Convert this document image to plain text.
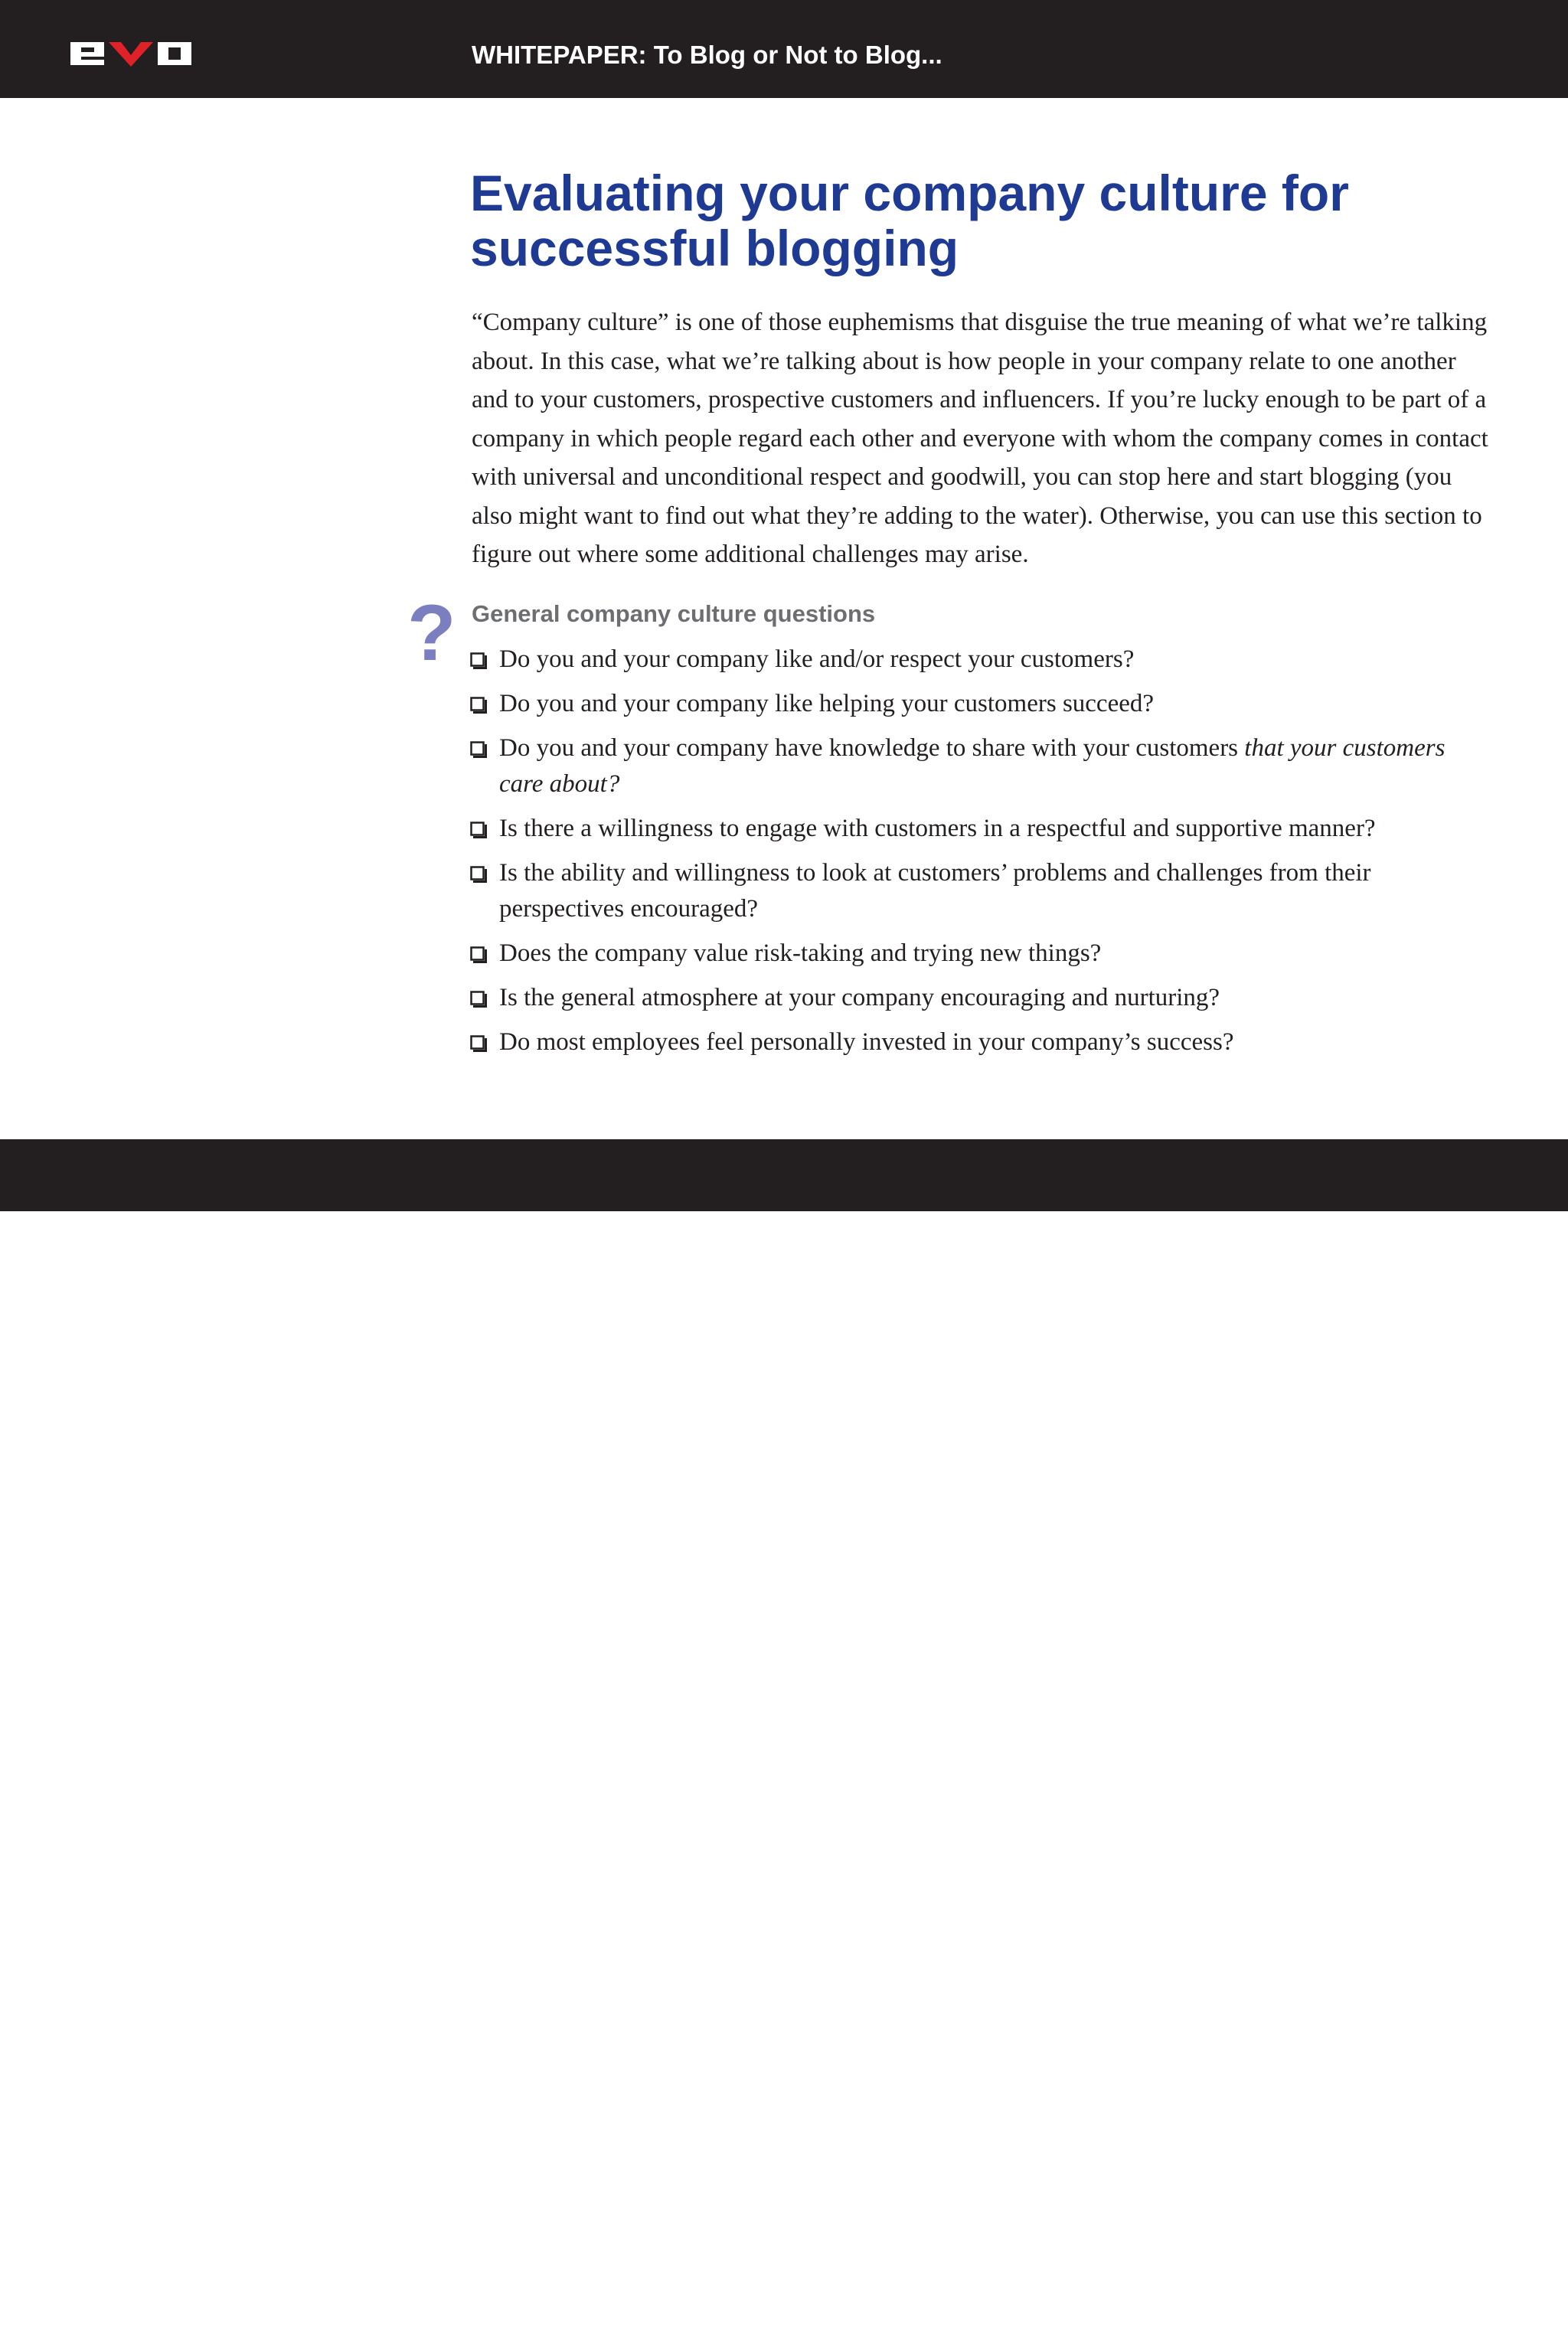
WHITEPAPER: To Blog or Not to Blog...
Evaluating your company culture for successful blogging

“Company culture” is one of those euphemisms that disguise the true meaning of what we’re talking about. In this case, what we’re talking about is how people in your company relate to one another and to your customers, prospective customers and influencers. If you’re lucky enough to be part of a company in which people regard each other and everyone with whom the company comes in contact with universal and unconditional respect and goodwill, you can stop here and start blogging (you also might want to find out what they’re adding to the water). Otherwise, you can use this section to figure out where some additional challenges may arise.

? General company culture questions
Do you and your company like and/or respect your customers?
Do you and your company like helping your customers succeed?
Do you and your company have knowledge to share with your customers that your customers care about?
Is there a willingness to engage with customers in a respectful and supportive manner?
Is the ability and willingness to look at customers’ problems and challenges from their perspectives encouraged?
Does the company value risk-taking and trying new things?
Is the general atmosphere at your company encouraging and nurturing?
Do most employees feel personally invested in your company’s success?
©2009, Evolution Web Development	Page 12 of 18
